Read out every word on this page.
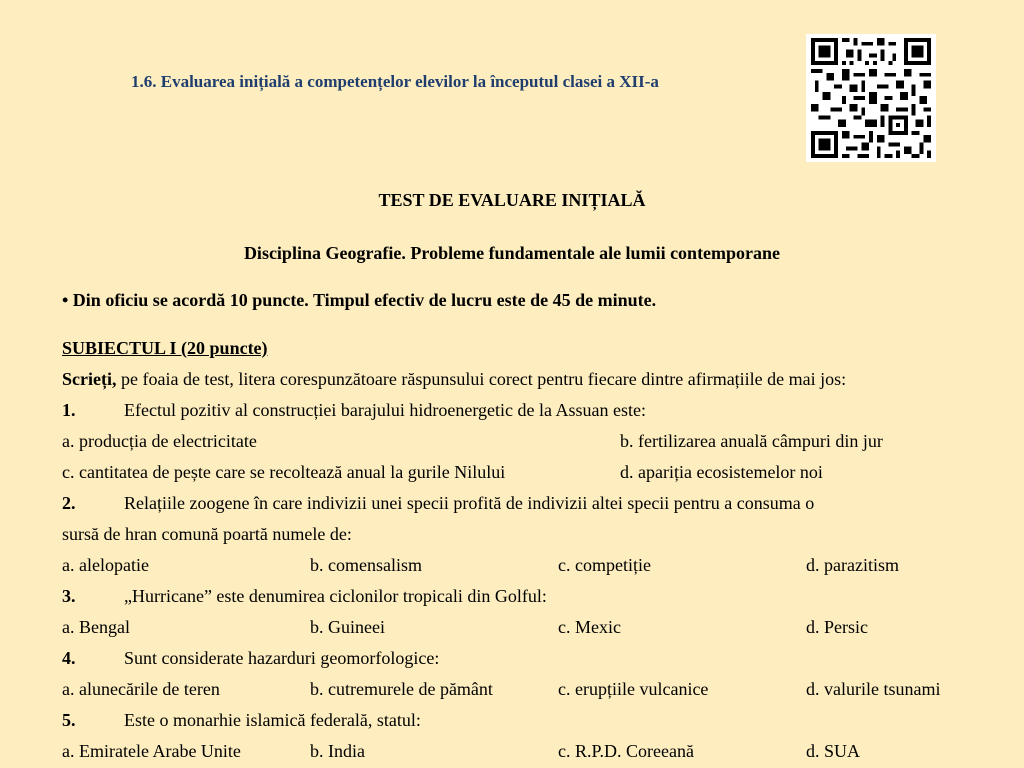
1.6. Evaluarea inițială a competențelor elevilor la începutul clasei a XII-a
TEST DE EVALUARE INIȚIALĂ
Disciplina Geografie. Probleme fundamentale ale lumii contemporane
• Din oficiu se acordă 10 puncte. Timpul efectiv de lucru este de 45 de minute.
SUBIECTUL I (20 puncte)
Scrieți, pe foaia de test, litera corespunzătoare răspunsului corect pentru fiecare dintre afirmațiile de mai jos:
1.	Efectul pozitiv al construcției barajului hidroenergetic de la Assuan este:
a. producția de electricitate	b. fertilizarea anuală câmpuri din jur
c. cantitatea de pește care se recoltează anual la gurile Nilului	d. apariția ecosistemelor noi
2.	Relațiile zoogene în care indivizii unei specii profită de indivizii altei specii pentru a consuma o
sursă de hran comună poartă numele de:
a. alelopatie	b. comensalism	c. competiție	d. parazitism
3.	„Hurricane” este denumirea ciclonilor tropicali din Golful:
a. Bengal	b. Guineei	c. Mexic	d. Persic
4.	Sunt considerate hazarduri geomorfologice:
a. alunecările de teren	b. cutremurele de pământ	c. erupțiile vulcanice	d. valurile tsunami
5.	Este o monarhie islamică federală, statul:
a. Emiratele Arabe Unite	b. India	c. R.P.D. Coreeană	d. SUA
